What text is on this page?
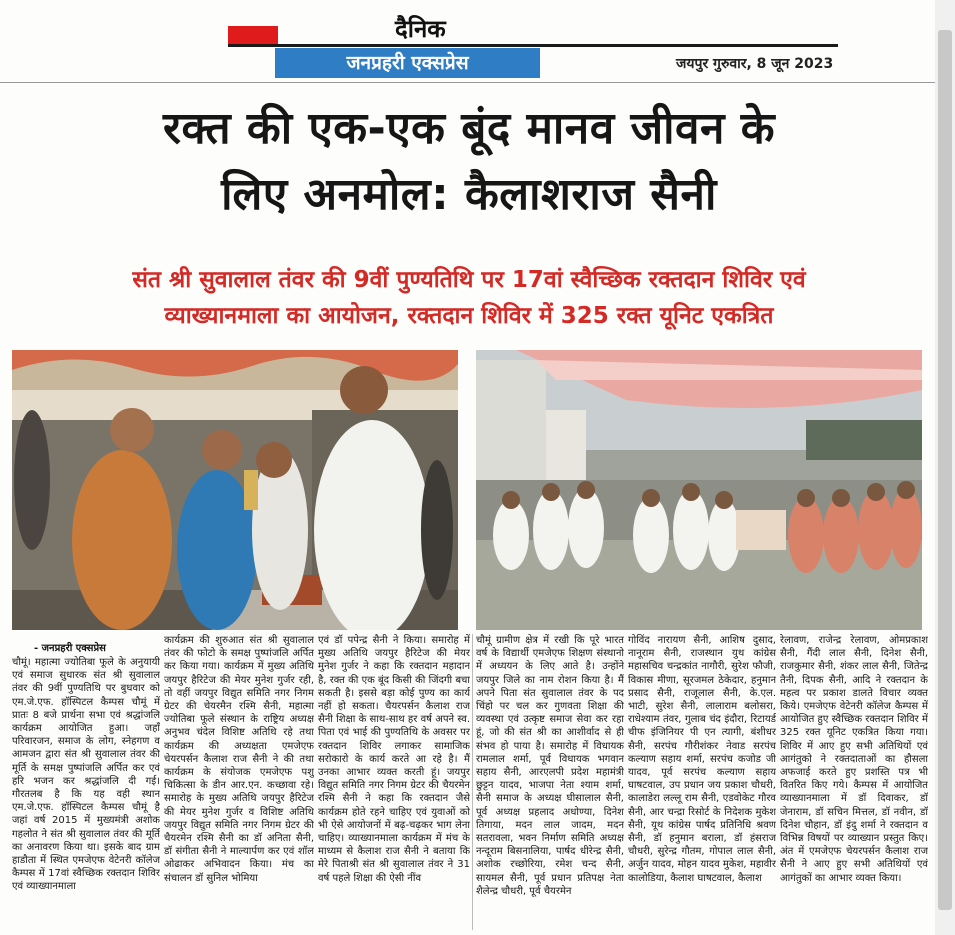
दैनिक
जनप्रहरी एक्सप्रेस	जयपुर गुरुवार, 8 जून 2023
रक्त की एक-एक बूंद मानव जीवन के
लिए अनमोल: कैलाशराज सैनी
संत श्री सुवालाल तंवर की 9वीं पुण्यतिथि पर 17वां स्वैच्छिक रक्तदान शिविर एवं
व्याख्यानमाला का आयोजन, रक्तदान शिविर में 325 रक्त यूनिट एकत्रित
- जनप्रहरी एक्सप्रेस
चौमूं। महात्मा ज्योतिबा फूले के अनुयायी एवं समाज सुधारक संत श्री सुवालाल तंवर की 9वीं पुण्यतिथि पर बुधवार को एम.जे.एफ. हॉस्पिटल कैम्पस चौमूं में प्रातः 8 बजे प्रार्थना सभा एवं श्रद्धांजलि कार्यक्रम आयोजित हुआ। जहाँ परिवारजन, समाज के लोग, स्नेहगण व आमजन द्वारा संत श्री सुवालाल तंवर की मूर्ति के समक्ष पुष्पांजलि अर्पित कर एवं हरि भजन कर श्रद्धांजलि दी गई। गौरतलब है कि यह वही स्थान एम.जे.एफ. हॉस्पिटल कैम्पस चौमूं है जहां वर्ष 2015 में मुख्यमंत्री अशोक गहलोत ने संत श्री सुवालाल तंवर की मूर्ति का अनावरण किया था। इसके बाद ग्राम हाडौता में स्थित एमजेएफ वेटेनरी कॉलेज कैम्पस में 17वां स्वैच्छिक रक्तदान शिविर एवं व्याख्यानमाला
कार्यक्रम की शुरुआत संत श्री सुवालाल तंवर की फोटो के समक्ष पुष्पांजलि अर्पित कर किया गया। कार्यक्रम में मुख्य अतिथि जयपुर हैरिटेज की मेयर मुनेश गुर्जर रही, तो वहीं जयपुर विद्युत समिति नगर निगम ग्रेटर की चेयरमैन रश्मि सैनी, महात्मा ज्योतिबा फूले संस्थान के राष्ट्रिय अध्यक्ष अनुभव चंदेल विशिष्ट अतिथि रहे तथा कार्यक्रम की अध्यक्षता एमजेएफ चेयरपर्सन कैलाश राज सैनी ने की तथा कार्यक्रम के संयोजक एमजेएफ पशु चिकित्सा के डीन आर.एन. कच्छावा रहे। समारोह के मुख्य अतिथि जयपुर हैरिटेज की मेयर मुनेश गुर्जर व विशिष्ट अतिथि जयपुर विद्युत समिति नगर निगम ग्रेटर की चैयरमेन रश्मि सैनी का डॉ अनिता सैनी, डॉ संगीता सैनी ने माल्यार्पण कर एवं शॉल ओढाकर अभिवादन किया। मंच का संचालन डॉ सुनिल भोमिया
एवं डॉ पपेन्द्र सैनी ने किया। समारोह में मुख्य अतिथि जयपुर हैरिटेज की मेयर मुनेश गुर्जर ने कहा कि रक्तदान महादान है, रक्त की एक बूंद किसी की जिंदगी बचा सकती है। इससे बड़ा कोई पुण्य का कार्य नहीं हो सकता। चैयरपर्सन कैलाश राज सैनी शिक्षा के साथ-साथ हर वर्ष अपने स्व. पिता एवं भाई की पुण्यतिथि के अवसर पर रक्तदान शिविर लगाकर सामाजिक सरोकारो के कार्य करते आ रहे है। मैं उनका आभार व्यक्त करती हूं। जयपुर विद्युत समिति नगर निगम ग्रेटर की चैयरमेन रश्मि सैनी ने कहा कि रक्तदान जैसे कार्यक्रम होते रहने चाहिए एवं युवाओं को भी ऐसे आयोजनों में बढ़-चढ़कर भाग लेना चाहिए। व्याख्यानमाला कार्यक्रम में मंच के माध्यम से कैलाश राज सैनी ने बताया कि मेरे पिताश्री संत श्री सुवालाल तंवर ने 31 वर्ष पहले शिक्षा की ऐसी नींव
चौमूं ग्रामीण क्षेत्र में रखी कि पूरे भारत वर्ष के विद्यार्थी एमजेएफ शिक्षण संस्थानो में अध्ययन के लिए आते है। उन्होंने जयपुर जिले का नाम रोशन किया है। मैं अपने पिता संत सुवालाल तंवर के पद चिंहो पर चल कर गुणवता शिक्षा की व्यवस्था एवं उत्कृष्ट समाज सेवा कर रहा हूं, जो की संत श्री का आशीर्वाद से ही संभव हो पाया है। समारोह में विधायक रामलाल शर्मा, पूर्व विधायक भगवान सहाय सैनी, आरएलपी प्रदेश महामंत्री छुट्टन यादव, भाजपा नेता श्याम शर्मा, सैनी समाज के अध्यक्ष घीसालाल सैनी, पूर्व अध्यक्ष प्रहलाद अधोण्या, दिनेश तिगाया, मदन लाल जादम, मदन सतरावला, भवन निर्माण समिति अध्यक्ष नन्दूराम बिसनालिया, पार्षद धीरेन्द्र सैनी, अशोक रच्छोरिया, रमेश चन्द सैनी, सायमल सैनी, पूर्व प्रधान प्रतिपक्ष नेता शैलेन्द्र चौधरी, पूर्व चैयरमेन
गोविंद नारायण सैनी, आशिष दुसाद, नानूराम सैनी, राजस्थान युथ कांग्रेस महासचिव चन्द्रकांत नागौरी, सुरेश फौजी, विकास मीणा, सूरजमल ठेकेदार, हनुमान प्रसाद सैनी, राजूलाल सैनी, के.एल. भाटी, सुरेश सैनी, लालाराम बलोसरा, राधेश्याम तंवर, गुलाब चंद इंदौरा, रिटायर्ड चीफ इंजिनियर पी एन त्यागी, बंशीधर सैनी, सरपंच गौरीशंकर नेवाड सरपंच कल्याण सहाय शर्मा, सरपंच कजोड जी यादव, पूर्व सरपंच कल्याण सहाय घाषटवाल, उप प्रधान जय प्रकाश चौधरी, कालाडेरा लल्लू राम सैनी, एडवोकेट गौरव सैनी, आर चन्द्रा रिसोर्ट के निदेशक मुकेश सैनी, यूथ कांग्रेस पार्षद प्रतिनिधि श्रवण सैनी, डॉ हनुमान बराला, डॉ हंसराज चौधरी, सुरेन्द्र गौतम, गोपाल लाल सैनी, अर्जुन यादव, मोहन यादव मुकेश, महावीर कालोडिया, कैलाश घाषटवाल, कैलाश
रेलावण, राजेन्द्र रेलावण, ओमप्रकाश सैनी, गैंदी लाल सैनी, दिनेश सैनी, राजकुमार सैनी, शंकर लाल सैनी, जितेन्द्र तैनी, दिपक सैनी, आदि ने रक्तदान के महत्व पर प्रकाश डालते विचार व्यक्त किये। एमजेएफ वेटेनरी कॉलेज कैम्पस में आयोजित हुए स्वैच्छिक रक्तदान शिविर में 325 रक्त यूनिट एकत्रित किया गया। शिविर में आए हुए सभी अतिथियों एवं आगंतुको ने रक्तदाताओं का हौसला अफजाई करते हुए प्रशस्ति पत्र भी वितरित किए गये। कैम्पस में आयोजित व्याख्यानमाला में डॉ दिवाकर, डॉ जेनाराम, डॉ सचिन मित्तल, डॉ नवीन, डॉ दिनेश चौहान, डॉ इंदु शर्मा ने रक्तदान व विभिन्न विषयों पर व्याख्यान प्रस्तुत किए। अंत में एमजेएफ चेयरपर्सन कैलाश राज सैनी ने आए हुए सभी अतिथियों एवं आगंतुकों का आभार व्यक्त किया।
